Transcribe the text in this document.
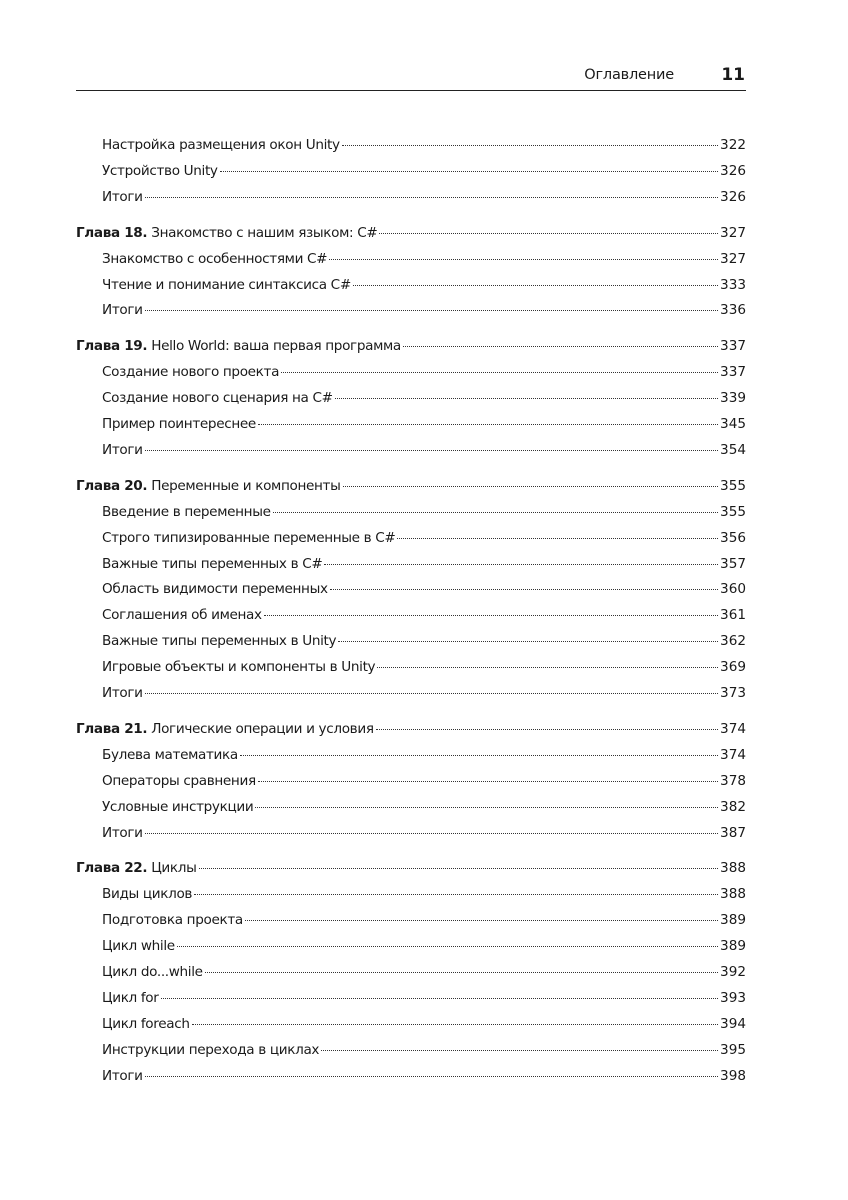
Оглавление	11
Настройка размещения окон Unity	322
Устройство Unity	326
Итоги	326
Глава 18. Знакомство с нашим языком: C#	327
Знакомство с особенностями C#	327
Чтение и понимание синтаксиса C#	333
Итоги	336
Глава 19. Hello World: ваша первая программа	337
Создание нового проекта	337
Создание нового сценария на C#	339
Пример поинтереснее	345
Итоги	354
Глава 20. Переменные и компоненты	355
Введение в переменные	355
Строго типизированные переменные в C#	356
Важные типы переменных в C#	357
Область видимости переменных	360
Соглашения об именах	361
Важные типы переменных в Unity	362
Игровые объекты и компоненты в Unity	369
Итоги	373
Глава 21. Логические операции и условия	374
Булева математика	374
Операторы сравнения	378
Условные инструкции	382
Итоги	387
Глава 22. Циклы	388
Виды циклов	388
Подготовка проекта	389
Цикл while	389
Цикл do...while	392
Цикл for	393
Цикл foreach	394
Инструкции перехода в циклах	395
Итоги	398
